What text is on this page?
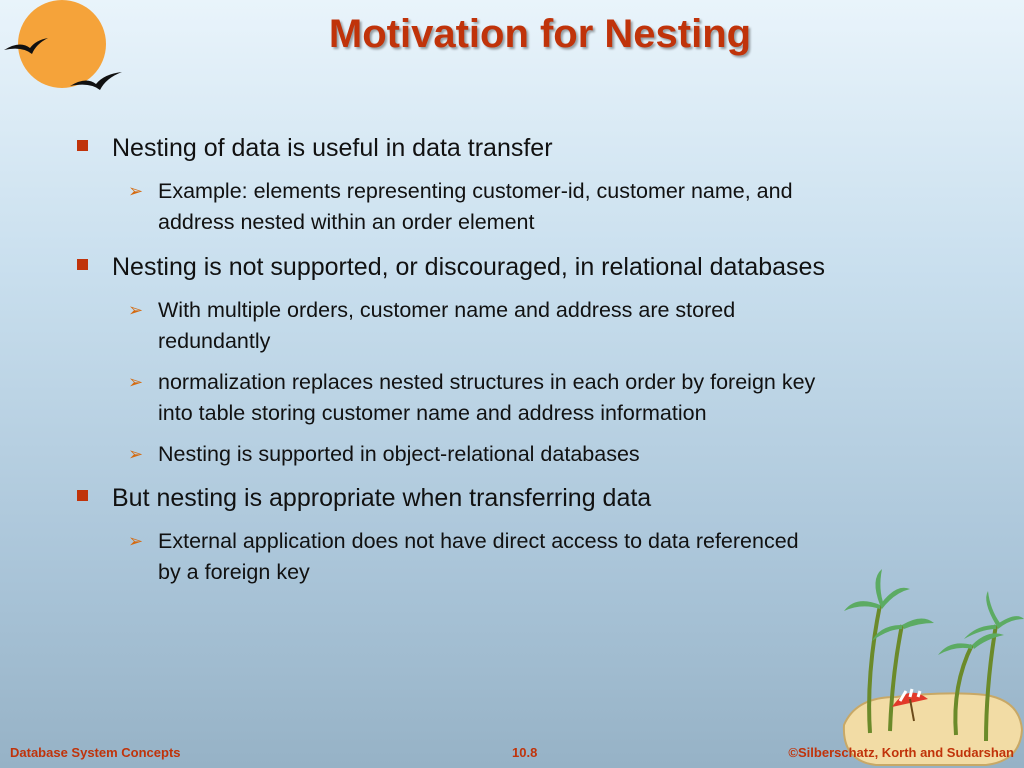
Motivation for Nesting
Nesting of data is useful in data transfer
➢ Example: elements representing customer-id, customer name, and
address nested within an order element
Nesting is not supported, or discouraged, in relational databases
➢ With multiple orders, customer name and address are stored
redundantly
➢ normalization replaces nested structures in each order by foreign key
into table storing customer name and address information
➢ Nesting is supported in object-relational databases
But nesting is appropriate when transferring data
➢ External application does not have direct access to data referenced
by a foreign key
Database System Concepts	10.8	©Silberschatz, Korth and Sudarshan
